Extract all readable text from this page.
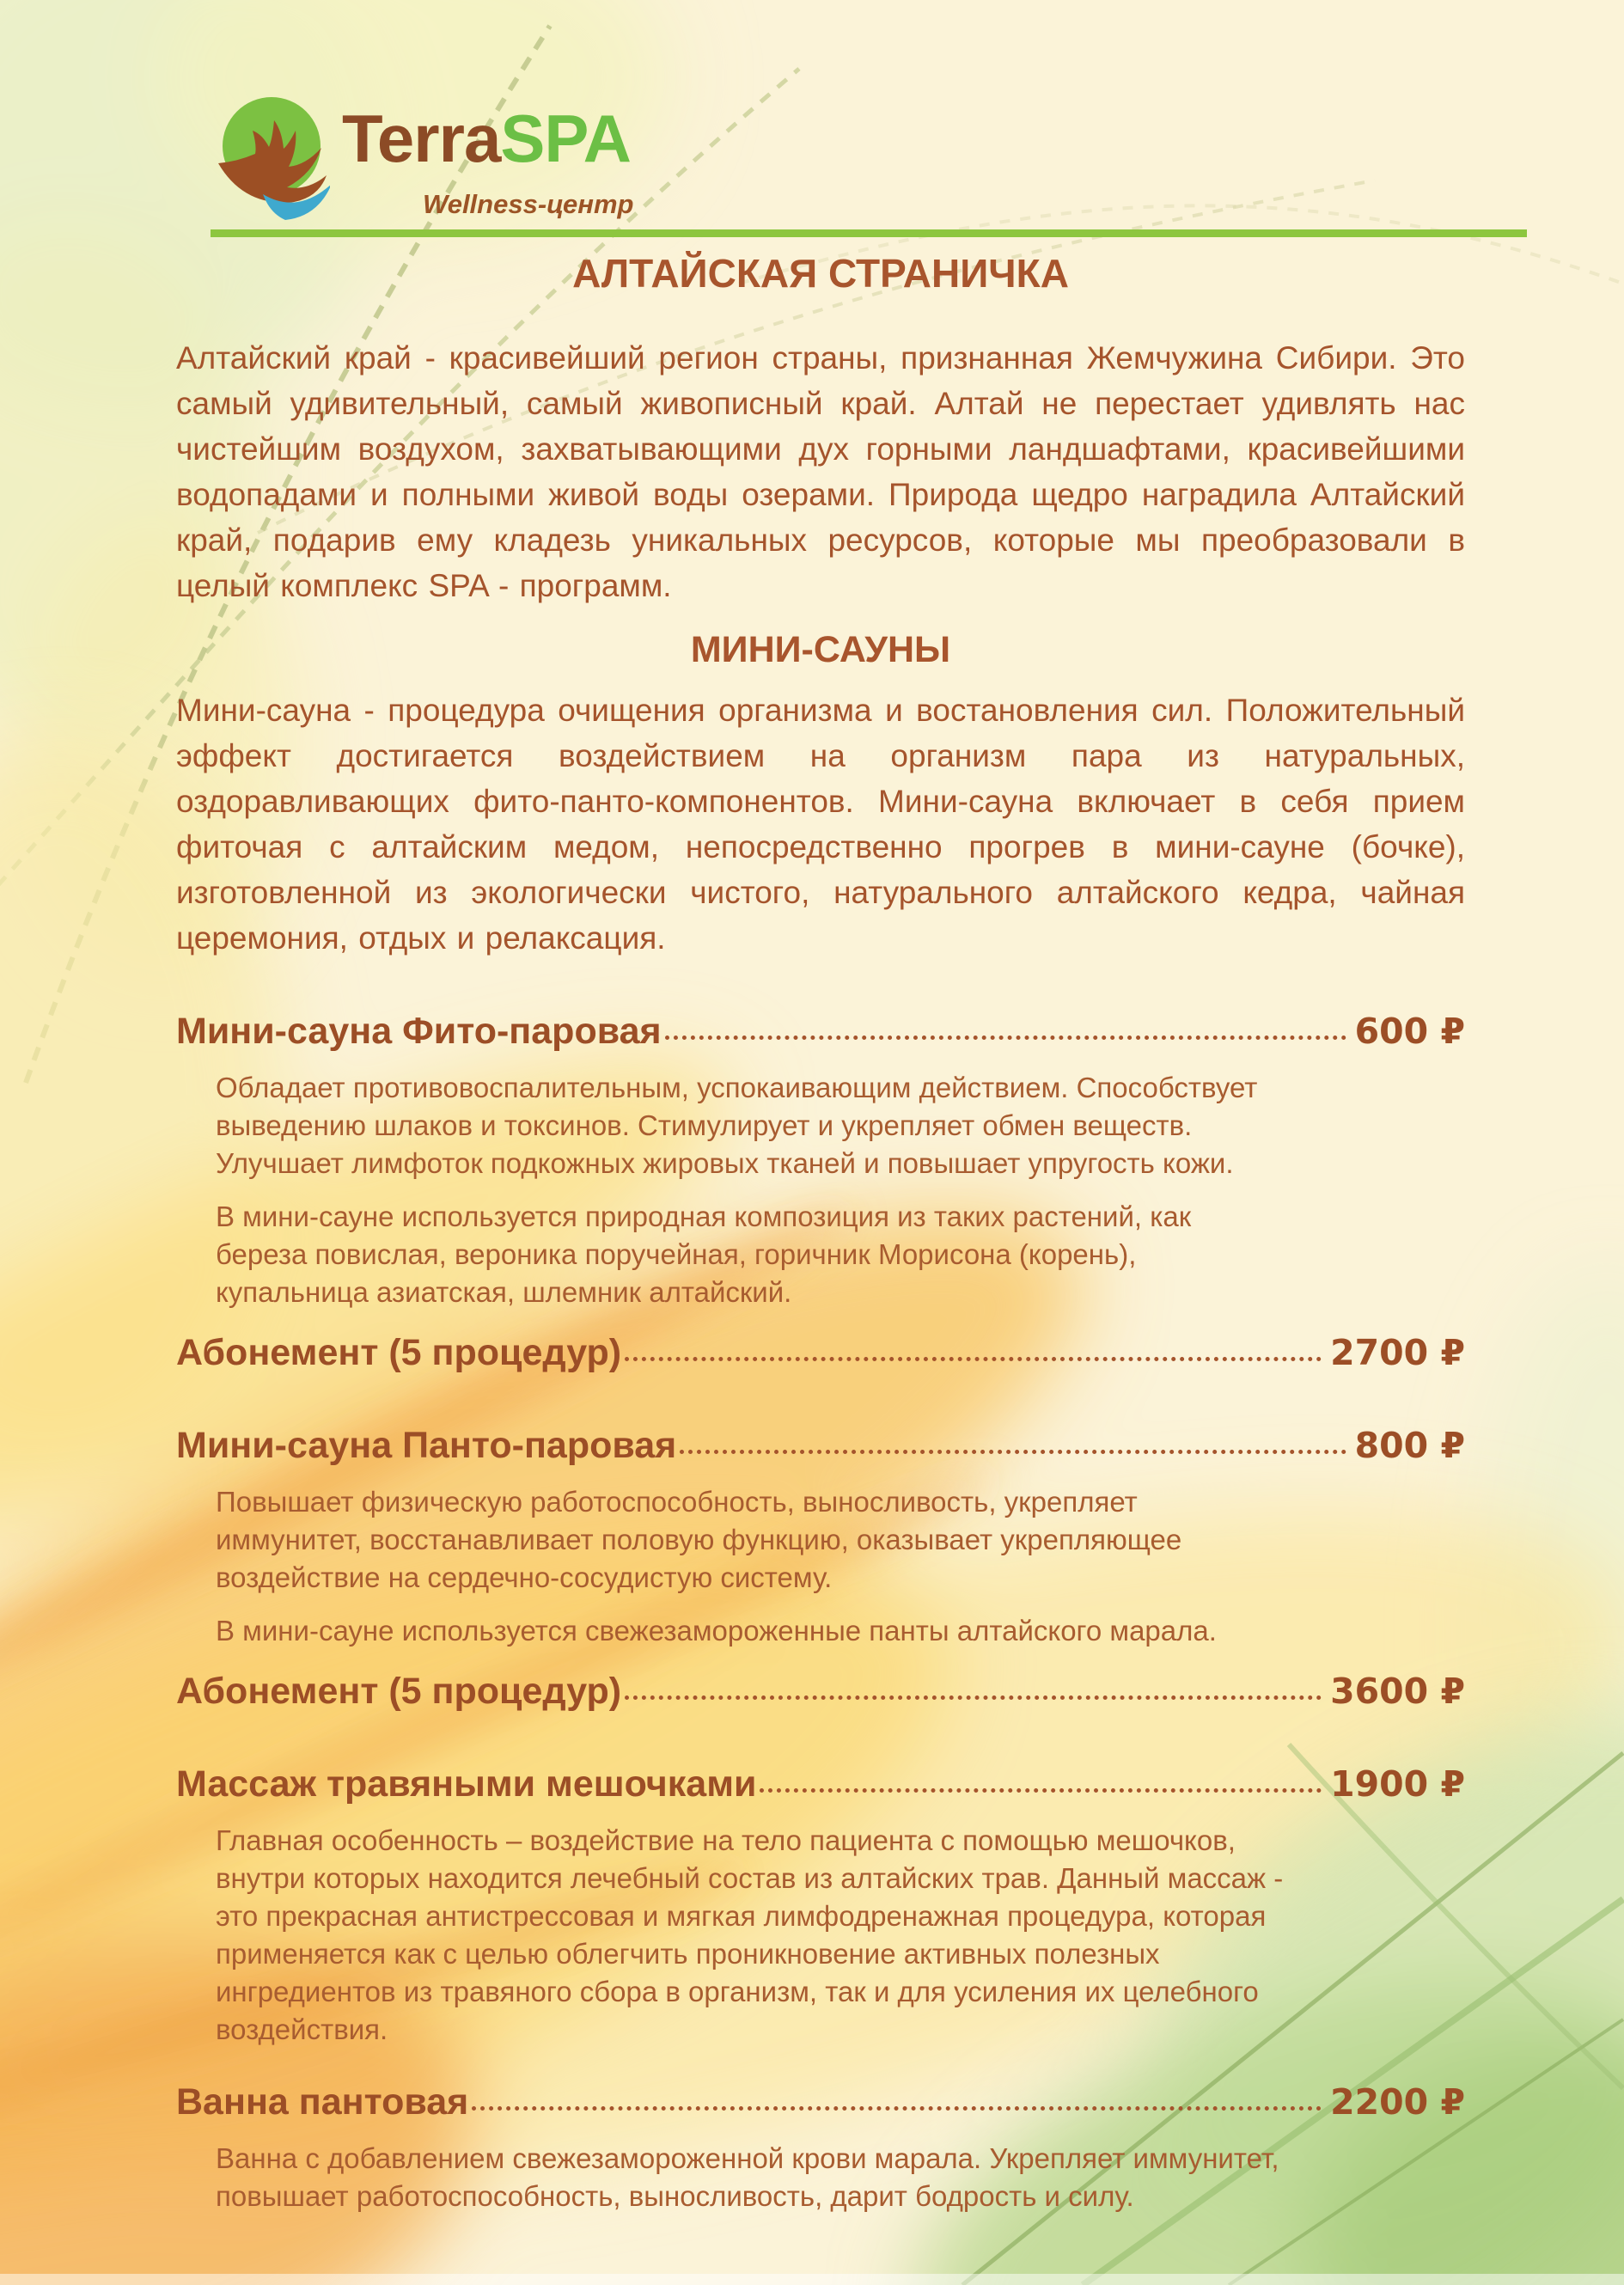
TerraSPA
Wellness-центр
АЛТАЙСКАЯ СТРАНИЧКА

Алтайский край - красивейший регион страны, признанная Жемчужина Сибири. Это самый удивительный, самый живописный край. Алтай не перестает удивлять нас чистейшим воздухом, захватывающими дух горными ландшафтами, красивейшими водопадами и полными живой воды озерами. Природа щедро наградила Алтайский край, подарив ему кладезь уникальных ресурсов, которые мы преобразовали в целый комплекс SPA - программ.

МИНИ-САУНЫ

Мини-сауна - процедура очищения организма и востановления сил. Положительный эффект достигается воздействием на организм пара из натуральных, оздоравливающих фито-панто-компонентов. Мини-сауна включает в себя прием фиточая с алтайским медом, непосредственно прогрев в мини-сауне (бочке), изготовленной из экологически чистого, натурального алтайского кедра, чайная церемония, отдых и релаксация.

Мини-сауна Фито-паровая	600 ₽

Обладает противовоспалительным, успокаивающим действием. Способствует выведению шлаков и токсинов. Стимулирует и укрепляет обмен веществ. Улучшает лимфоток подкожных жировых тканей и повышает упругость кожи.

В мини-сауне используется природная композиция из таких растений, как береза повислая, вероника поручейная, горичник Морисона (корень), купальница азиатская, шлемник алтайский.

Абонемент (5 процедур)	2700 ₽
Мини-сауна Панто-паровая	800 ₽

Повышает физическую работоспособность, выносливость, укрепляет иммунитет, восстанавливает половую функцию, оказывает укрепляющее воздействие на сердечно-сосудистую систему.

В мини-сауне используется свежезамороженные панты алтайского марала.

Абонемент (5 процедур)	3600 ₽
Массаж травяными мешочками	1900 ₽

Главная особенность – воздействие на тело пациента с помощью мешочков, внутри которых находится лечебный состав из алтайских трав. Данный массаж - это прекрасная антистрессовая и мягкая лимфодренажная процедура, которая применяется как с целью облегчить проникновение активных полезных ингредиентов из травяного сбора в организм, так и для усиления их целебного воздействия.

Ванна пантовая	2200 ₽

Ванна с добавлением свежезамороженной крови марала. Укрепляет иммунитет, повышает работоспособность, выносливость, дарит бодрость и силу.
